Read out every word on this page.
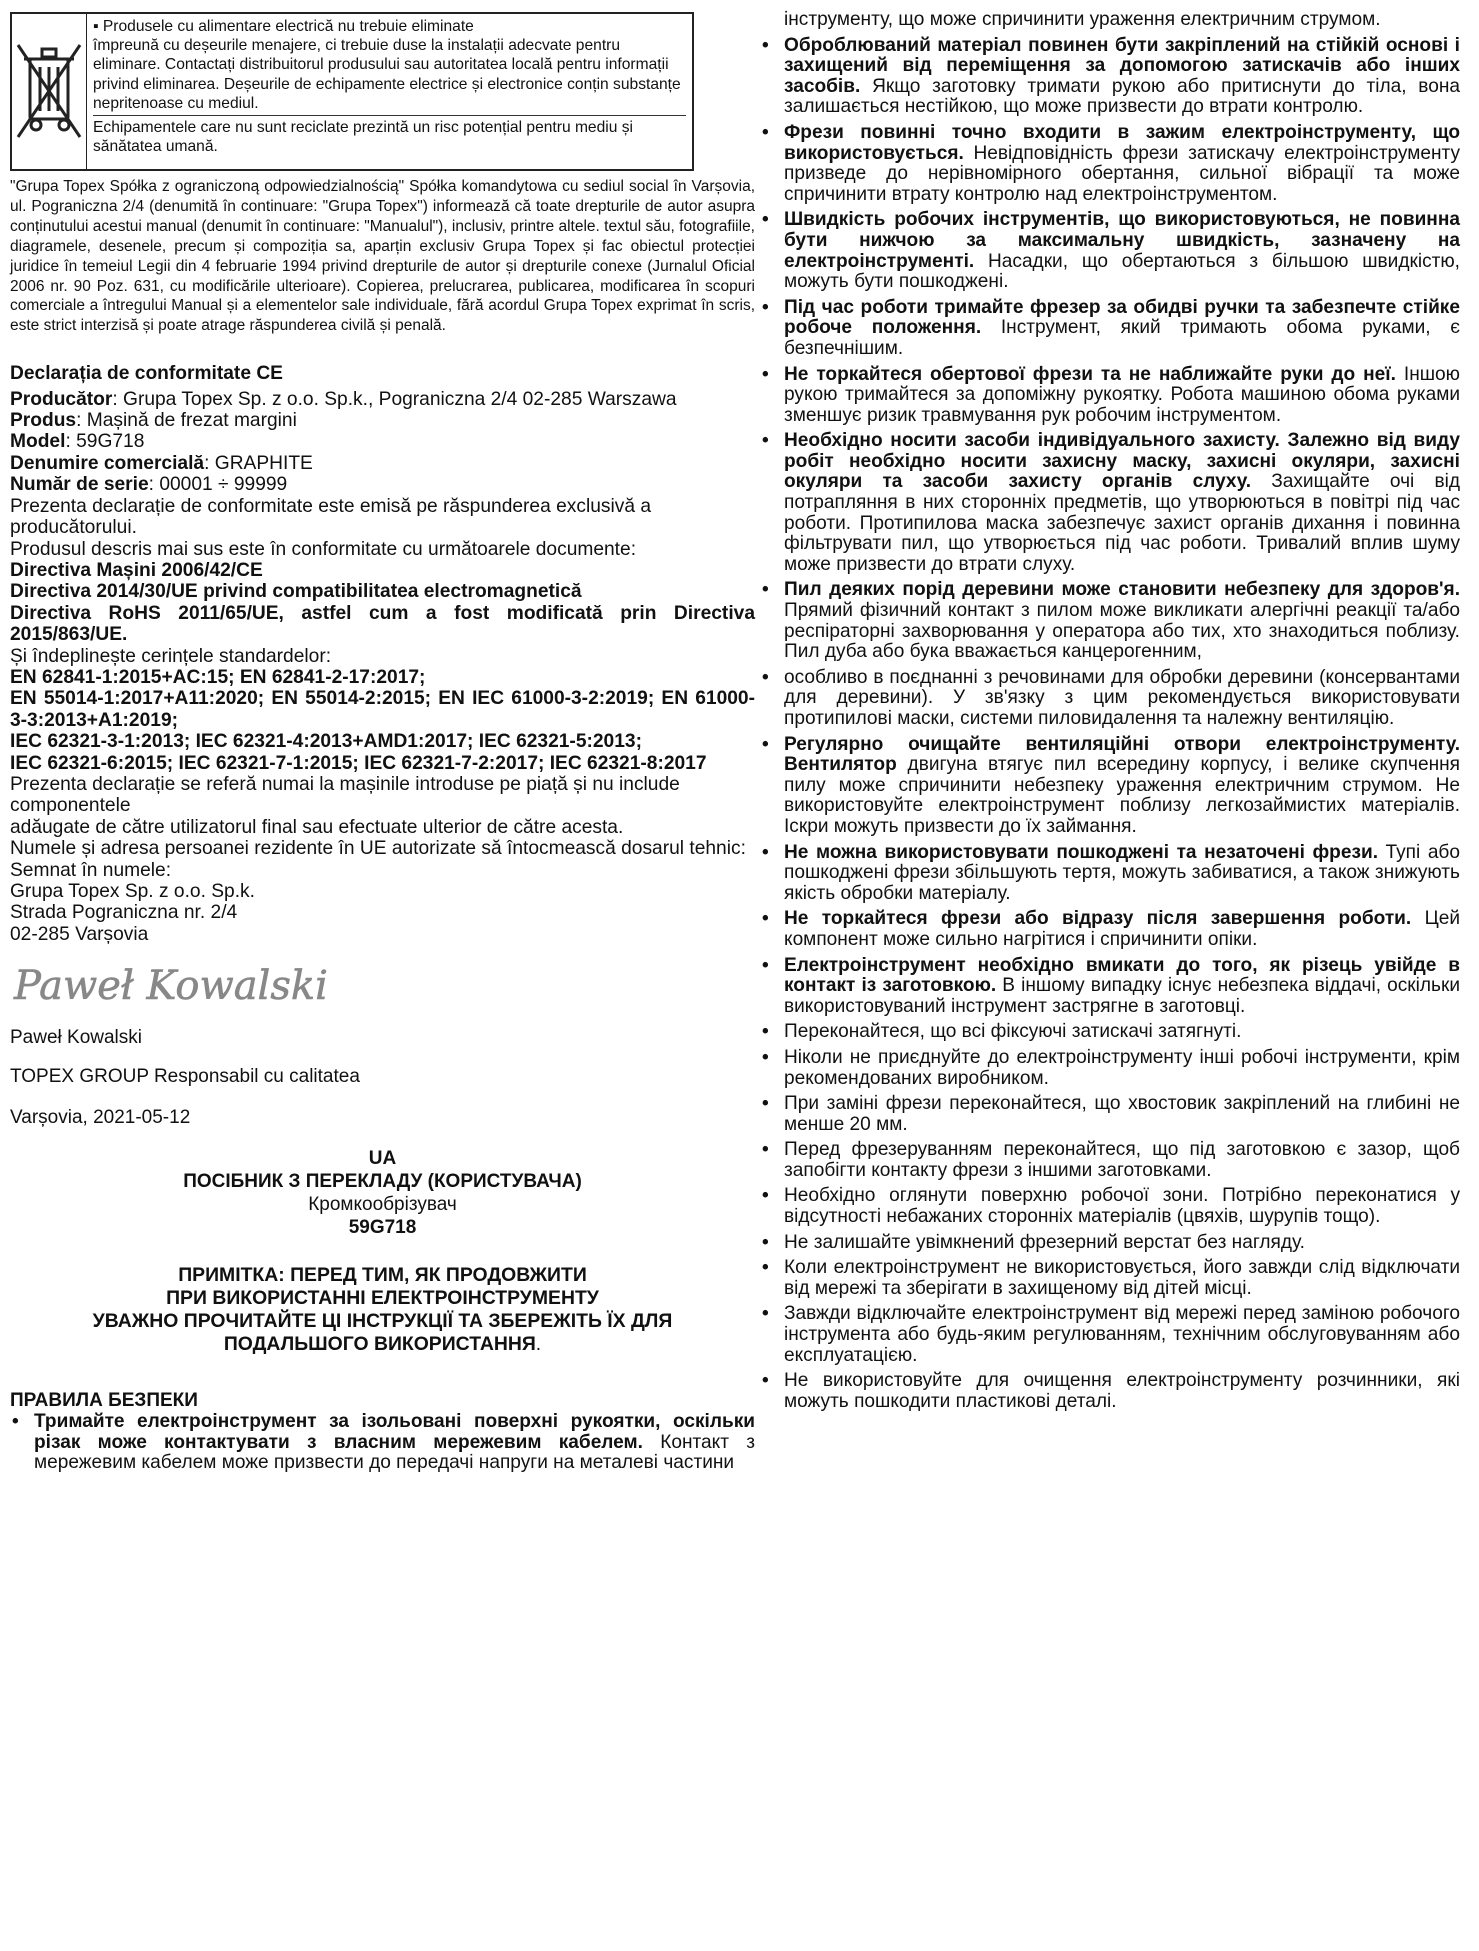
▪ Produsele cu alimentare electrică nu trebuie eliminate

împreună cu deșeurile menajere, ci trebuie duse la instalații adecvate pentru eliminare. Contactați distribuitorul produsului sau autoritatea locală pentru informații privind eliminarea. Deșeurile de echipamente electrice și electronice conțin substanțe nepritenoase cu mediul.

Echipamentele care nu sunt reciclate prezintă un risc potențial pentru mediu și sănătatea umană.

"Grupa Topex Spółka z ograniczoną odpowiedzialnością" Spółka komandytowa cu sediul social în Varșovia, ul. Pograniczna 2/4 (denumită în continuare: "Grupa Topex") informează că toate drepturile de autor asupra conținutului acestui manual (denumit în continuare: "Manualul"), inclusiv, printre altele. textul său, fotografiile, diagramele, desenele, precum și compoziția sa, aparțin exclusiv Grupa Topex și fac obiectul protecției juridice în temeiul Legii din 4 februarie 1994 privind drepturile de autor și drepturile conexe (Jurnalul Oficial 2006 nr. 90 Poz. 631, cu modificările ulterioare). Copierea, prelucrarea, publicarea, modificarea în scopuri comerciale a întregului Manual și a elementelor sale individuale, fără acordul Grupa Topex exprimat în scris, este strict interzisă și poate atrage răspunderea civilă și penală.

Declarația de conformitate CE

Producător: Grupa Topex Sp. z o.o. Sp.k., Pograniczna 2/4 02-285 Warszawa

Produs: Mașină de frezat margini

Model: 59G718

Denumire comercială: GRAPHITE

Număr de serie: 00001 ÷ 99999

Prezenta declarație de conformitate este emisă pe răspunderea exclusivă a producătorului.

Produsul descris mai sus este în conformitate cu următoarele documente:

Directiva Mașini 2006/42/CE

Directiva 2014/30/UE privind compatibilitatea electromagnetică

Directiva RoHS 2011/65/UE, astfel cum a fost modificată prin Directiva 2015/863/UE.

Și îndeplinește cerințele standardelor:

EN 62841-1:2015+AC:15; EN 62841-2-17:2017;

EN 55014-1:2017+A11:2020; EN 55014-2:2015; EN IEC 61000-3-2:2019; EN 61000-3-3:2013+A1:2019;

IEC 62321-3-1:2013; IEC 62321-4:2013+AMD1:2017; IEC 62321-5:2013;

IEC 62321-6:2015; IEC 62321-7-1:2015; IEC 62321-7-2:2017; IEC 62321-8:2017

Prezenta declarație se referă numai la mașinile introduse pe piață și nu include componentele

adăugate de către utilizatorul final sau efectuate ulterior de către acesta.

Numele și adresa persoanei rezidente în UE autorizate să întocmească dosarul tehnic:

Semnat în numele:

Grupa Topex Sp. z o.o. Sp.k.

Strada Pograniczna nr. 2/4

02-285 Varșovia

Paweł Kowalski

Paweł Kowalski

TOPEX GROUP Responsabil cu calitatea

Varșovia, 2021-05-12

UA

ПОСІБНИК З ПЕРЕКЛАДУ (КОРИСТУВАЧА)

Кромкообрізувач

59G718

ПРИМІТКА: ПЕРЕД ТИМ, ЯК ПРОДОВЖИТИ

ПРИ ВИКОРИСТАННІ ЕЛЕКТРОІНСТРУМЕНТУ

УВАЖНО ПРОЧИТАЙТЕ ЦІ ІНСТРУКЦІЇ ТА ЗБЕРЕЖІТЬ ЇХ ДЛЯ

ПОДАЛЬШОГО ВИКОРИСТАННЯ.

ПРАВИЛА БЕЗПЕКИ
• Тримайте електроінструмент за ізольовані поверхні рукоятки, оскільки різак може контактувати з власним мережевим кабелем. Контакт з мережевим кабелем може призвести до передачі напруги на металеві частини

інструменту, що може спричинити ураження електричним струмом.

• Оброблюваний матеріал повинен бути закріплений на стійкій основі і захищений від переміщення за допомогою затискачів або інших засобів. Якщо заготовку тримати рукою або притиснути до тіла, вона залишається нестійкою, що може призвести до втрати контролю.
• Фрези повинні точно входити в зажим електроінструменту, що використовується. Невідповідність фрези затискачу електроінструменту призведе до нерівномірного обертання, сильної вібрації та може спричинити втрату контролю над електроінструментом.
• Швидкість робочих інструментів, що використовуються, не повинна бути нижчою за максимальну швидкість, зазначену на електроінструменті. Насадки, що обертаються з більшою швидкістю, можуть бути пошкоджені.
• Під час роботи тримайте фрезер за обидві ручки та забезпечте стійке робоче положення. Інструмент, який тримають обома руками, є безпечнішим.
• Не торкайтеся обертової фрези та не наближайте руки до неї. Іншою рукою тримайтеся за допоміжну рукоятку. Робота машиною обома руками зменшує ризик травмування рук робочим інструментом.
• Необхідно носити засоби індивідуального захисту. Залежно від виду робіт необхідно носити захисну маску, захисні окуляри, захисні окуляри та засоби захисту органів слуху. Захищайте очі від потрапляння в них сторонніх предметів, що утворюються в повітрі під час роботи. Протипилова маска забезпечує захист органів дихання і повинна фільтрувати пил, що утворюється під час роботи. Тривалий вплив шуму може призвести до втрати слуху.
• Пил деяких порід деревини може становити небезпеку для здоров'я. Прямий фізичний контакт з пилом може викликати алергічні реакції та/або респіраторні захворювання у оператора або тих, хто знаходиться поблизу. Пил дуба або бука вважається канцерогенним,
• особливо в поєднанні з речовинами для обробки деревини (консервантами для деревини). У зв'язку з цим рекомендується використовувати протипилові маски, системи пиловидалення та належну вентиляцію.
• Регулярно очищайте вентиляційні отвори електроінструменту. Вентилятор двигуна втягує пил всередину корпусу, і велике скупчення пилу може спричинити небезпеку ураження електричним струмом. Не використовуйте електроінструмент поблизу легкозаймистих матеріалів. Іскри можуть призвести до їх займання.
• Не можна використовувати пошкоджені та незаточені фрези. Тупі або пошкоджені фрези збільшують тертя, можуть забиватися, а також знижують якість обробки матеріалу.
• Не торкайтеся фрези або відразу після завершення роботи. Цей компонент може сильно нагрітися і спричинити опіки.
• Електроінструмент необхідно вмикати до того, як різець увійде в контакт із заготовкою. В іншому випадку існує небезпека віддачі, оскільки використовуваний інструмент застрягне в заготовці.
• Переконайтеся, що всі фіксуючі затискачі затягнуті.
• Ніколи не приєднуйте до електроінструменту інші робочі інструменти, крім рекомендованих виробником.
• При заміні фрези переконайтеся, що хвостовик закріплений на глибині не менше 20 мм.
• Перед фрезеруванням переконайтеся, що під заготовкою є зазор, щоб запобігти контакту фрези з іншими заготовками.
• Необхідно оглянути поверхню робочої зони. Потрібно переконатися у відсутності небажаних сторонніх матеріалів (цвяхів, шурупів тощо).
• Не залишайте увімкнений фрезерний верстат без нагляду.
• Коли електроінструмент не використовується, його завжди слід відключати від мережі та зберігати в захищеному від дітей місці.
• Завжди відключайте електроінструмент від мережі перед заміною робочого інструмента або будь-яким регулюванням, технічним обслуговуванням або експлуатацією.
• Не використовуйте для очищення електроінструменту розчинники, які можуть пошкодити пластикові деталі.
